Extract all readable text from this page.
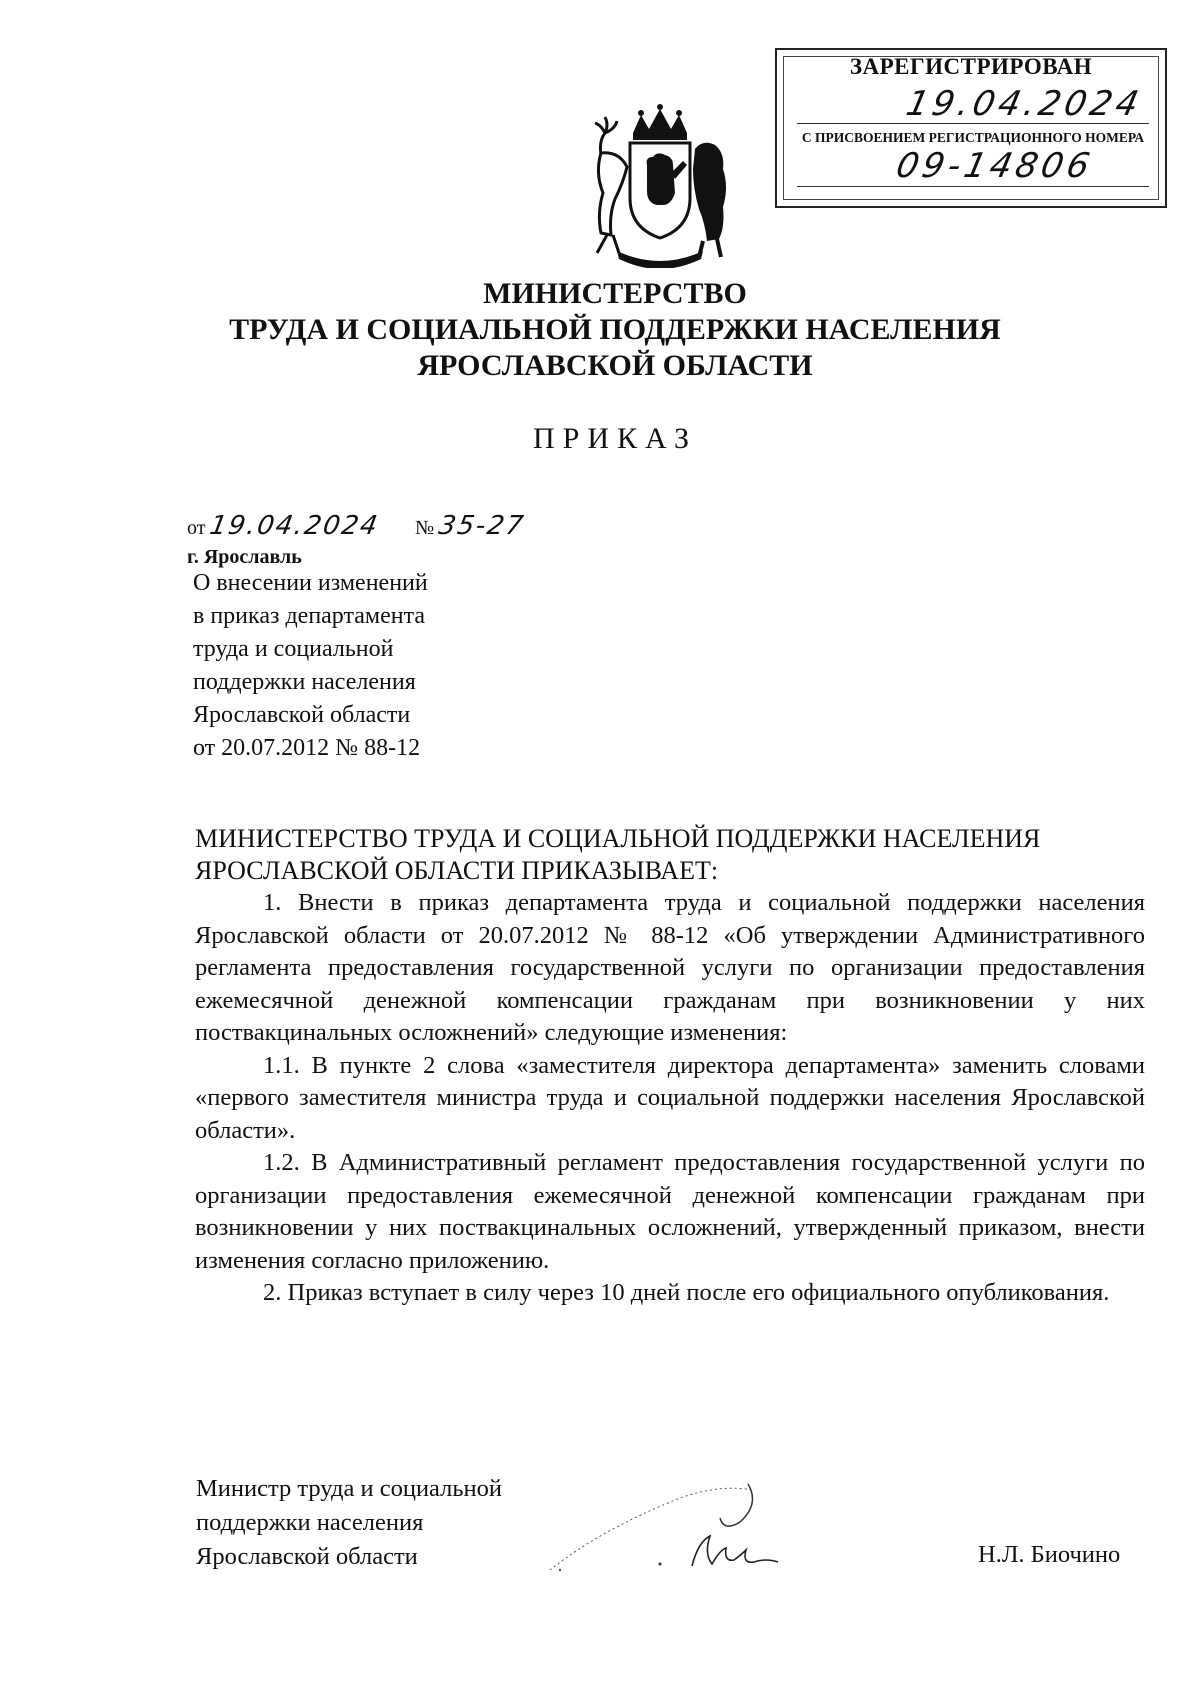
ЗАРЕГИСТРИРОВАН
19.04.2024
С ПРИСВОЕНИЕМ РЕГИСТРАЦИОННОГО НОМЕРА
09-14806
МИНИСТЕРСТВО
ТРУДА И СОЦИАЛЬНОЙ ПОДДЕРЖКИ НАСЕЛЕНИЯ
ЯРОСЛАВСКОЙ ОБЛАСТИ
ПРИКАЗ
от 19.04.2024 № 35-27
г. Ярославль
О внесении изменений
в приказ департамента
труда и социальной
поддержки населения
Ярославской области
от 20.07.2012 № 88-12
МИНИСТЕРСТВО ТРУДА И СОЦИАЛЬНОЙ ПОДДЕРЖКИ НАСЕЛЕНИЯ ЯРОСЛАВСКОЙ ОБЛАСТИ ПРИКАЗЫВАЕТ:
1. Внести в приказ департамента труда и социальной поддержки населения Ярославской области от 20.07.2012 № 88-12 «Об утверждении Административного регламента предоставления государственной услуги по организации предоставления ежемесячной денежной компенсации гражданам при возникновении у них поствакцинальных осложнений» следующие изменения:
1.1. В пункте 2 слова «заместителя директора департамента» заменить словами «первого заместителя министра труда и социальной поддержки населения Ярославской области».
1.2. В Административный регламент предоставления государственной услуги по организации предоставления ежемесячной денежной компенсации гражданам при возникновении у них поствакцинальных осложнений, утвержденный приказом, внести изменения согласно приложению.
2. Приказ вступает в силу через 10 дней после его официального опубликования.
Министр труда и социальной
поддержки населения
Ярославской области	Н.Л. Биочино
